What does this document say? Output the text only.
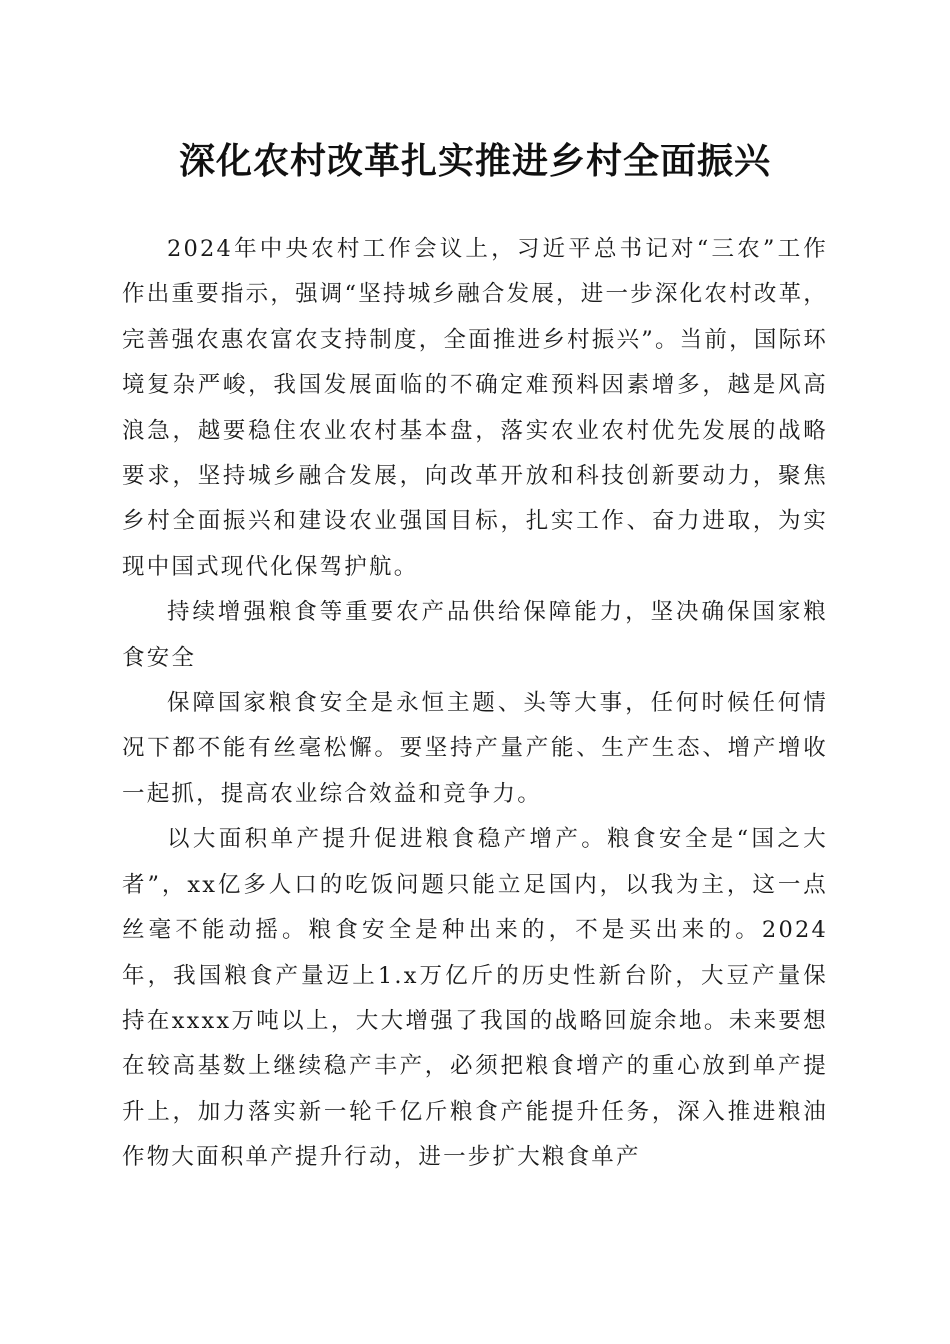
深化农村改革扎实推进乡村全面振兴

2024年中央农村工作会议上，习近平总书记对“三农”工作作出重要指示，强调“坚持城乡融合发展，进一步深化农村改革，完善强农惠农富农支持制度，全面推进乡村振兴”。当前，国际环境复杂严峻，我国发展面临的不确定难预料因素增多，越是风高浪急，越要稳住农业农村基本盘，落实农业农村优先发展的战略要求，坚持城乡融合发展，向改革开放和科技创新要动力，聚焦乡村全面振兴和建设农业强国目标，扎实工作、奋力进取，为实现中国式现代化保驾护航。

持续增强粮食等重要农产品供给保障能力，坚决确保国家粮食安全

保障国家粮食安全是永恒主题、头等大事，任何时候任何情况下都不能有丝毫松懈。要坚持产量产能、生产生态、增产增收一起抓，提高农业综合效益和竞争力。

以大面积单产提升促进粮食稳产增产。粮食安全是“国之大者”，xx亿多人口的吃饭问题只能立足国内，以我为主，这一点丝毫不能动摇。粮食安全是种出来的，不是买出来的。2024年，我国粮食产量迈上1.x万亿斤的历史性新台阶，大豆产量保持在xxxx万吨以上，大大增强了我国的战略回旋余地。未来要想在较高基数上继续稳产丰产，必须把粮食增产的重心放到单产提升上，加力落实新一轮千亿斤粮食产能提升任务，深入推进粮油作物大面积单产提升行动，进一步扩大粮食单产
